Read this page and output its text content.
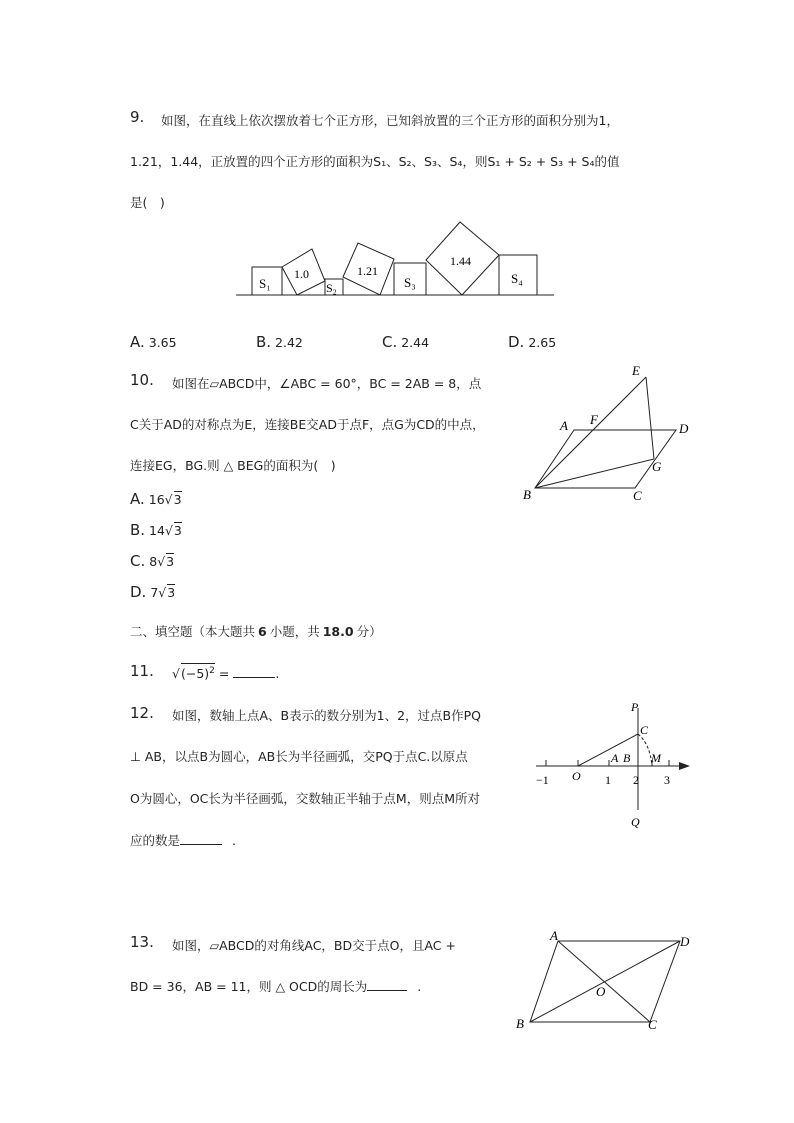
9. 如图，在直线上依次摆放着七个正方形，已知斜放置的三个正方形的面积分别为1，
1.21，1.44，正放置的四个正方形的面积为S₁、S₂、S₃、S₄，则S₁ + S₂ + S₃ + S₄的值
是(　)
S₁
1.0
S₂
1.21
S₃
1.44
S₄
A. 3.65	B. 2.42	C. 2.44	D. 2.65
10. 如图在▱ABCD中，∠ABC = 60°，BC = 2AB = 8，点
C关于AD的对称点为E，连接BE交AD于点F，点G为CD的中点，
连接EG，BG.则 △ BEG的面积为(　)
E
A F
D
G
B	C
A. 16√3
B. 14√3
C. 8√3
D. 7√3
二、填空题（本大题共 6 小题，共 18.0 分）
11. $√(-5)^2$ =	.
12. 如图，数轴上点A、B表示的数分别为1、2，过点B作PQ
⊥ AB，以点B为圆心，AB长为半径画弧，交PQ于点C.以原点
O为圆心，OC长为半径画弧，交数轴正半轴于点M，则点M所对
应的数是	.
P
C
A B M
O
−1	1 2 3
Q
13. 如图，▱ABCD的对角线AC，BD交于点O，且AC +
BD = 36，AB = 11，则 △ OCD的周长为	.
A	D
O
B	C
